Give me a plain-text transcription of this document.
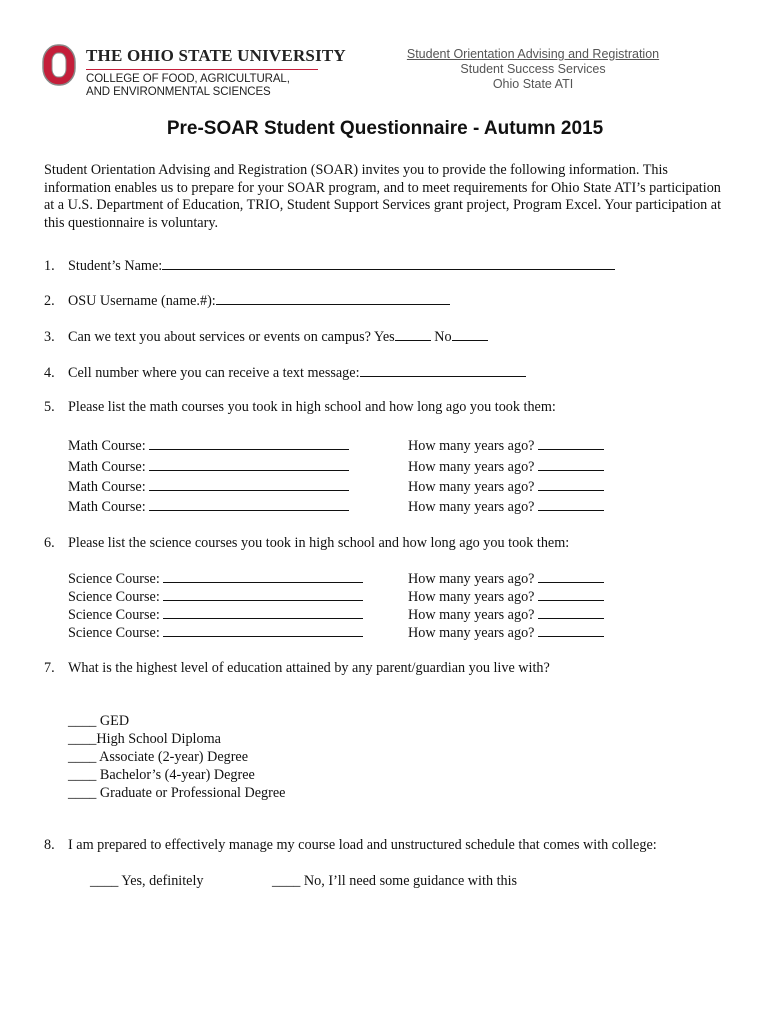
THE OHIO STATE UNIVERSITY
COLLEGE OF FOOD, AGRICULTURAL,
AND ENVIRONMENTAL SCIENCES
Student Orientation Advising and Registration
Student Success Services
Ohio State ATI
Pre-SOAR Student Questionnaire - Autumn 2015

Student Orientation Advising and Registration (SOAR) invites you to provide the following information. This information enables us to prepare for your SOAR program, and to meet requirements for Ohio State ATI’s participation at a U.S. Department of Education, TRIO, Student Support Services grant project, Program Excel. Your participation at this questionnaire is voluntary.

1. Student’s Name:
2. OSU Username (name.#):
3. Can we text you about services or events on campus? Yes	No
4. Cell number where you can receive a text message:
5. Please list the math courses you took in high school and how long ago you took them:
Math Course:	How many years ago?
Math Course:	How many years ago?
Math Course:	How many years ago?
Math Course:	How many years ago?
6. Please list the science courses you took in high school and how long ago you took them:
Science Course:	How many years ago?
Science Course:	How many years ago?
Science Course:	How many years ago?
Science Course:	How many years ago?
7. What is the highest level of education attained by any parent/guardian you live with?
____ GED
____High School Diploma
____ Associate (2-year) Degree
____ Bachelor’s (4-year) Degree
____ Graduate or Professional Degree
8. I am prepared to effectively manage my course load and unstructured schedule that comes with college:
____ Yes, definitely	____ No, I’ll need some guidance with this
